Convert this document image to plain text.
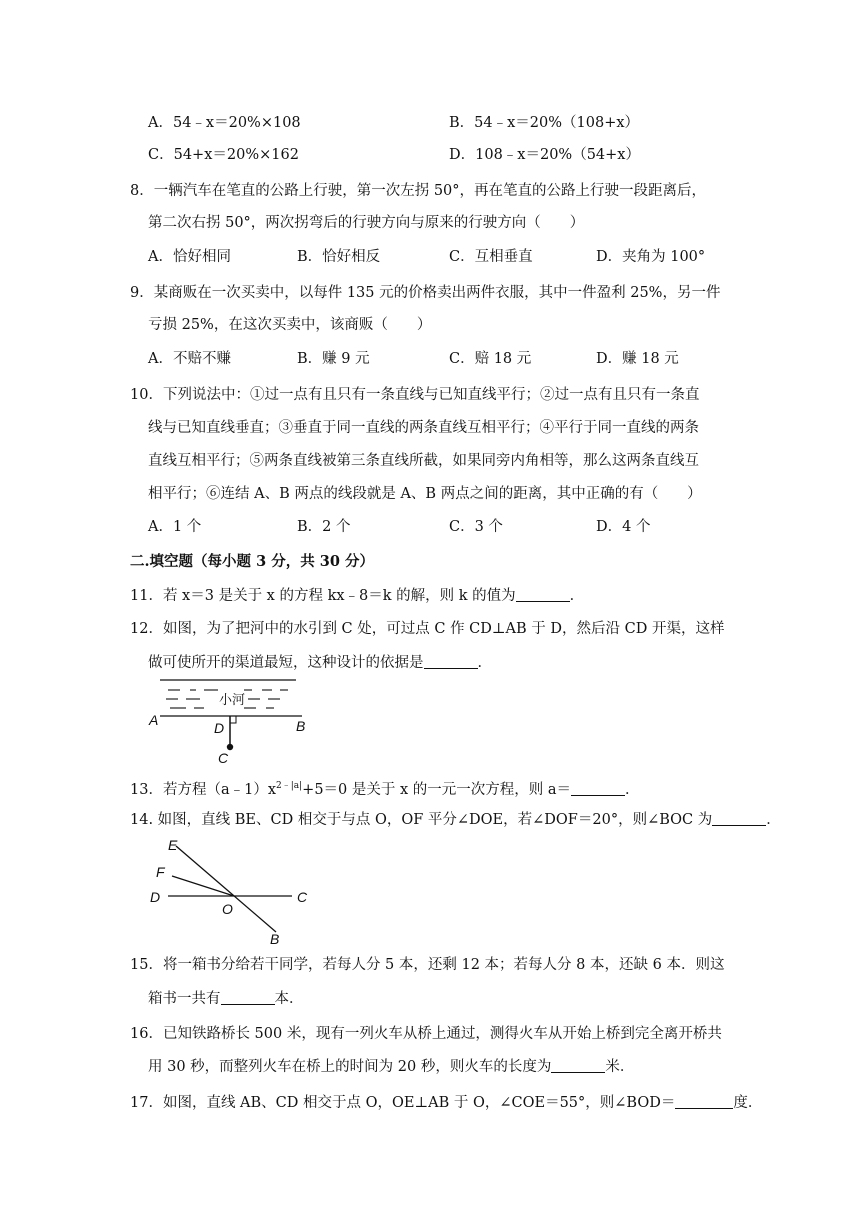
A．54﹣x＝20%×108	B．54﹣x＝20%（108+x）
C．54+x＝20%×162	D．108﹣x＝20%（54+x）
8．一辆汽车在笔直的公路上行驶，第一次左拐 50°，再在笔直的公路上行驶一段距离后，
第二次右拐 50°，两次拐弯后的行驶方向与原来的行驶方向（　　）
A．恰好相同	B．恰好相反	C．互相垂直	D．夹角为 100°
9．某商贩在一次买卖中，以每件 135 元的价格卖出两件衣服，其中一件盈利 25%，另一件
亏损 25%，在这次买卖中，该商贩（　　）
A．不赔不赚	B．赚 9 元	C．赔 18 元	D．赚 18 元
10．下列说法中：①过一点有且只有一条直线与已知直线平行；②过一点有且只有一条直
线与已知直线垂直；③垂直于同一直线的两条直线互相平行；④平行于同一直线的两条
直线互相平行；⑤两条直线被第三条直线所截，如果同旁内角相等，那么这两条直线互
相平行；⑥连结 A、B 两点的线段就是 A、B 两点之间的距离，其中正确的有（　　）
A．1 个	B．2 个	C．3 个	D．4 个
二.填空题（每小题 3 分，共 30 分）
11．若 x＝3 是关于 x 的方程 kx﹣8＝k 的解，则 k 的值为	．
12．如图，为了把河中的水引到 C 处，可过点 C 作 CD⊥AB 于 D，然后沿 CD 开渠，这样
做可使所开的渠道最短，这种设计的依据是	．
小河
A	B
D
C
13．若方程$(a﹣1)x^{2﹣|a|}+5=0$ 是关于 x 的一元一次方程，则 a＝	．
14. 如图，直线 BE、CD 相交于与点 O，OF 平分∠DOE，若∠DOF＝20°，则∠BOC 为	．
E
F
D
O
C
B
15．将一箱书分给若干同学，若每人分 5 本，还剩 12 本；若每人分 8 本，还缺 6 本．则这
箱书一共有	本．
16．已知铁路桥长 500 米，现有一列火车从桥上通过，测得火车从开始上桥到完全离开桥共
用 30 秒，而整列火车在桥上的时间为 20 秒，则火车的长度为	米．
17．如图，直线 AB、CD 相交于点 O，OE⊥AB 于 O，∠COE＝55°，则∠BOD＝	度．
